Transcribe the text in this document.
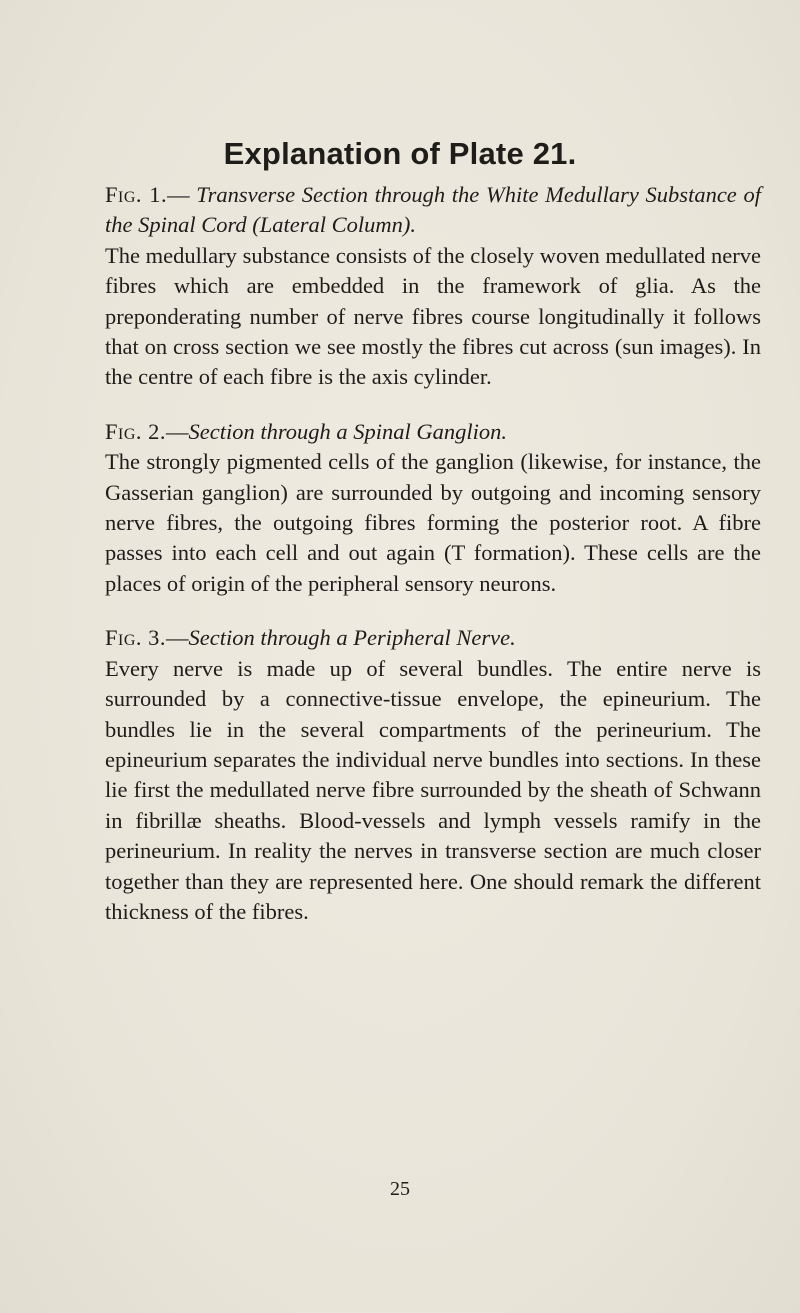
Explanation of Plate 21.

Fig. 1.— Transverse Section through the White Medullary Substance of the Spinal Cord (Lateral Column).

The medullary substance consists of the closely woven medullated nerve fibres which are embedded in the framework of glia. As the preponderating number of nerve fibres course longitudinally it follows that on cross section we see mostly the fibres cut across (sun images). In the centre of each fibre is the axis cylinder.

Fig. 2.—Section through a Spinal Ganglion.

The strongly pigmented cells of the ganglion (likewise, for instance, the Gasserian ganglion) are surrounded by outgoing and incoming sensory nerve fibres, the outgoing fibres forming the posterior root. A fibre passes into each cell and out again (T formation). These cells are the places of origin of the peripheral sensory neurons.

Fig. 3.—Section through a Peripheral Nerve.

Every nerve is made up of several bundles. The entire nerve is surrounded by a connective-tissue envelope, the epineurium. The bundles lie in the several compartments of the perineurium. The epineurium separates the individual nerve bundles into sections. In these lie first the medullated nerve fibre surrounded by the sheath of Schwann in fibrillæ sheaths. Blood-vessels and lymph vessels ramify in the perineurium. In reality the nerves in transverse section are much closer together than they are represented here. One should remark the different thickness of the fibres.

25
